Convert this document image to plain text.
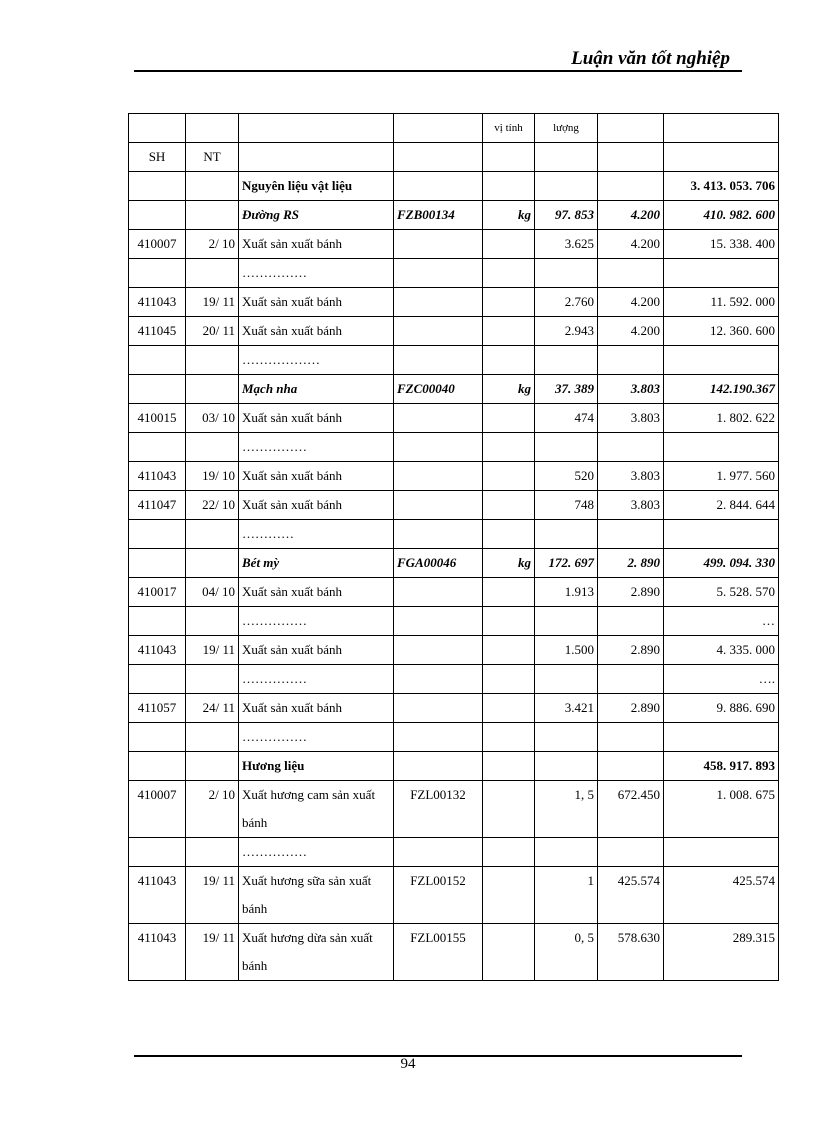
Luận văn tốt nghiệp
				vị tính	lượng		
SH	NT						
		Nguyên liệu vật liệu					3. 413. 053. 706
		Đường RS	FZB00134	kg	97. 853	4.200	410. 982. 600
410007	2/ 10	Xuất sản xuất bánh			3.625	4.200	15. 338. 400
		……………					
411043	19/ 11	Xuất sản xuất bánh			2.760	4.200	11. 592. 000
411045	20/ 11	Xuất sản xuất bánh			2.943	4.200	12. 360. 600
		………………					
		Mạch nha	FZC00040	kg	37. 389	3.803	142.190.367
410015	03/ 10	Xuất sản xuất bánh			474	3.803	1. 802. 622
		……………					
411043	19/ 10	Xuất sản xuất bánh			520	3.803	1. 977. 560
411047	22/ 10	Xuất sản xuất bánh			748	3.803	2. 844. 644
		…………					
		Bét mỳ	FGA00046	kg	172. 697	2. 890	499. 094. 330
410017	04/ 10	Xuất sản xuất bánh			1.913	2.890	5. 528. 570
		……………					…
411043	19/ 11	Xuất sản xuất bánh			1.500	2.890	4. 335. 000
		……………					….
411057	24/ 11	Xuất sản xuất bánh			3.421	2.890	9. 886. 690
		……………					
		Hương liệu					458. 917. 893
410007	2/ 10	Xuất hương cam sản xuất bánh	FZL00132		1, 5	672.450	1. 008. 675
		……………					
411043	19/ 11	Xuất hương sữa sản xuất bánh	FZL00152		1	425.574	425.574
411043	19/ 11	Xuất hương dừa sản xuất bánh	FZL00155		0, 5	578.630	289.315
94
